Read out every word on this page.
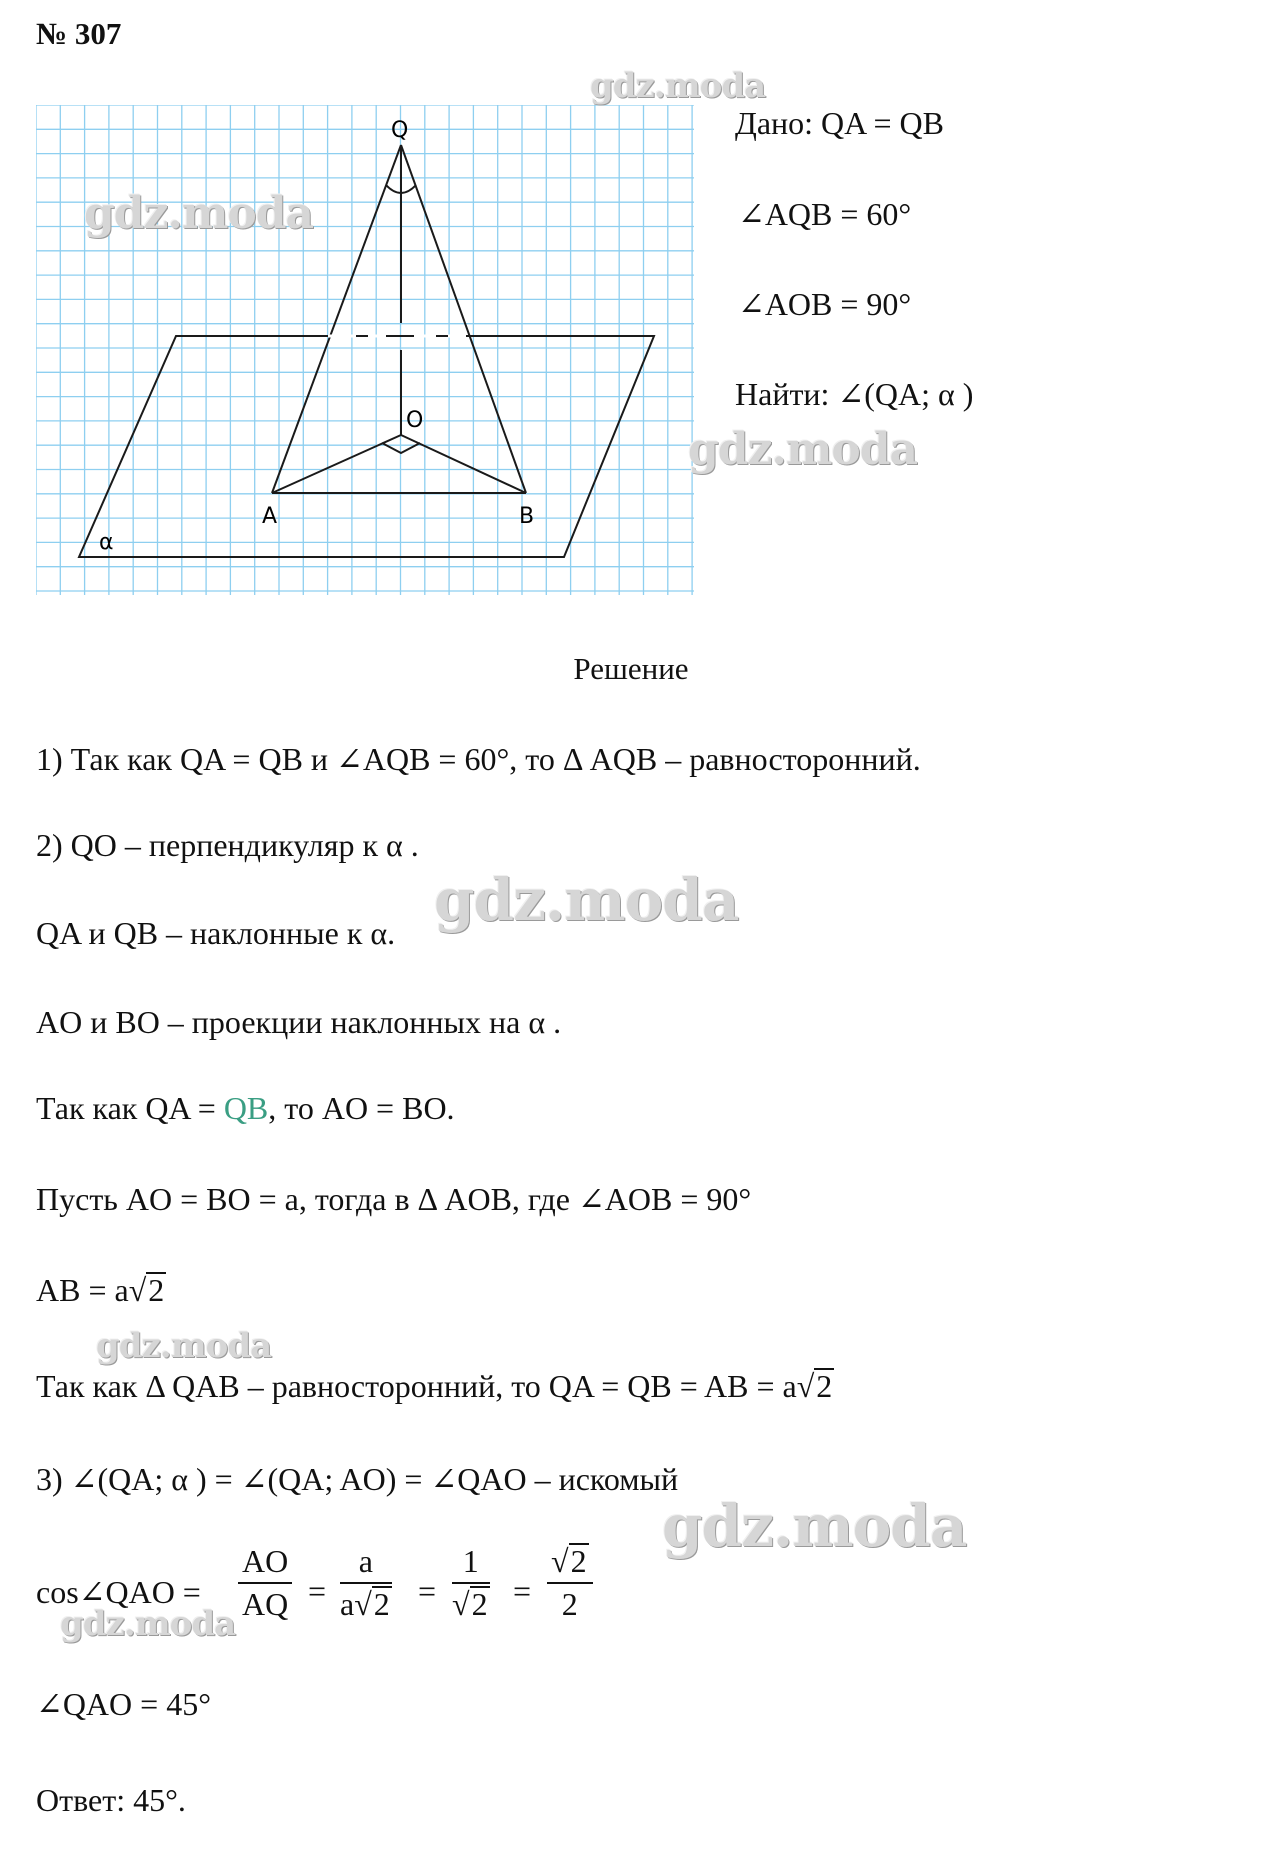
№ 307
Q
O
A	B
α
Дано: QA = QB
∠AQB = 60°
∠AOB = 90°
Найти: ∠(QA; α )
Решение
1) Так как QA = QB и ∠AQB = 60°, то Δ AQB – равносторонний.
2) QO – перпендикуляр к α .
QA и QB – наклонные к α.
AO и BO – проекции наклонных на α .
Так как QA = QB, то AO = BO.
Пусть AO = BO = a, тогда в Δ AOB, где ∠AOB = 90°
AB = a√2
Так как Δ QAB – равносторонний, то QA = QB = AB = a√2
3) ∠(QA; α ) = ∠(QA; AO) = ∠QAO – искомый
cos∠QAO = $\frac{AO}{AQ} = \frac{a}{a√2} = \frac{1}{√2} = \frac{√2}{2}$
∠QAO = 45°
Ответ: 45°.
gdz.moda
gdz.moda
gdz.moda
gdz.moda
gdz.moda
gdz.moda
gdz.moda
